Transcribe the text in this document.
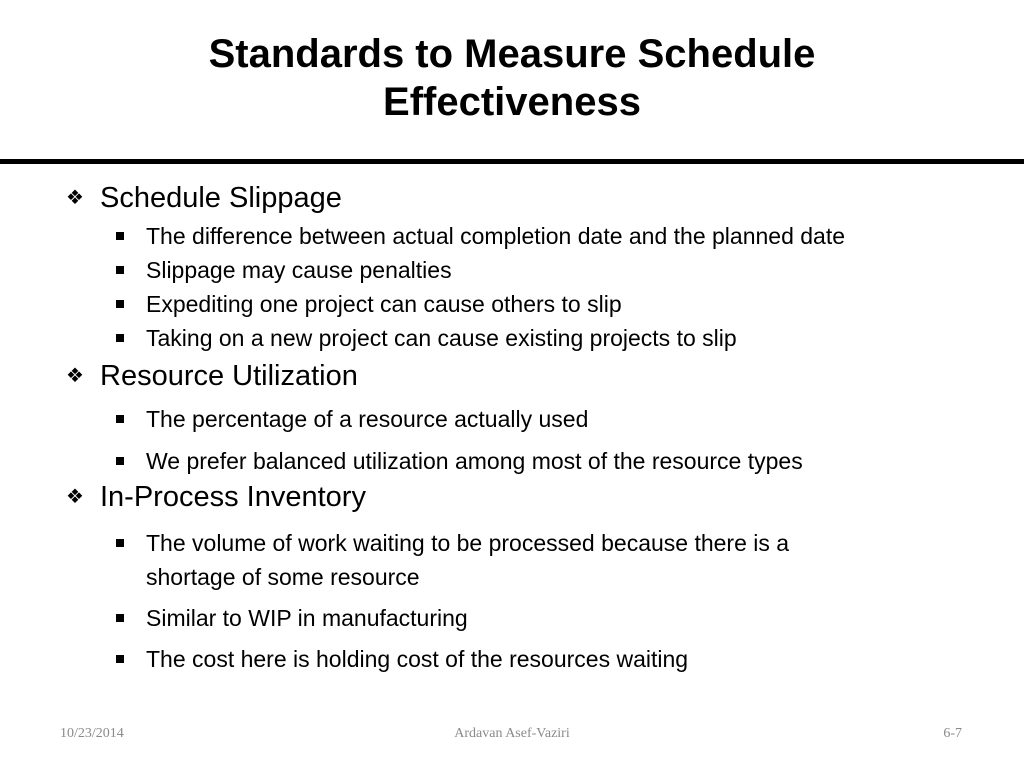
Standards to Measure Schedule
Effectiveness
❖ Schedule Slippage
The difference between actual completion date and the planned date
Slippage may cause penalties
Expediting one project can cause others to slip
Taking on a new project can cause existing projects to slip
❖ Resource Utilization
The percentage of a resource actually used
We prefer balanced utilization among most of the resource types
❖ In-Process Inventory
The volume of work waiting to be processed because there is a
shortage of some resource
Similar to WIP in manufacturing
The cost here is holding cost of the resources waiting
10/23/2014	Ardavan Asef-Vaziri	6-7
